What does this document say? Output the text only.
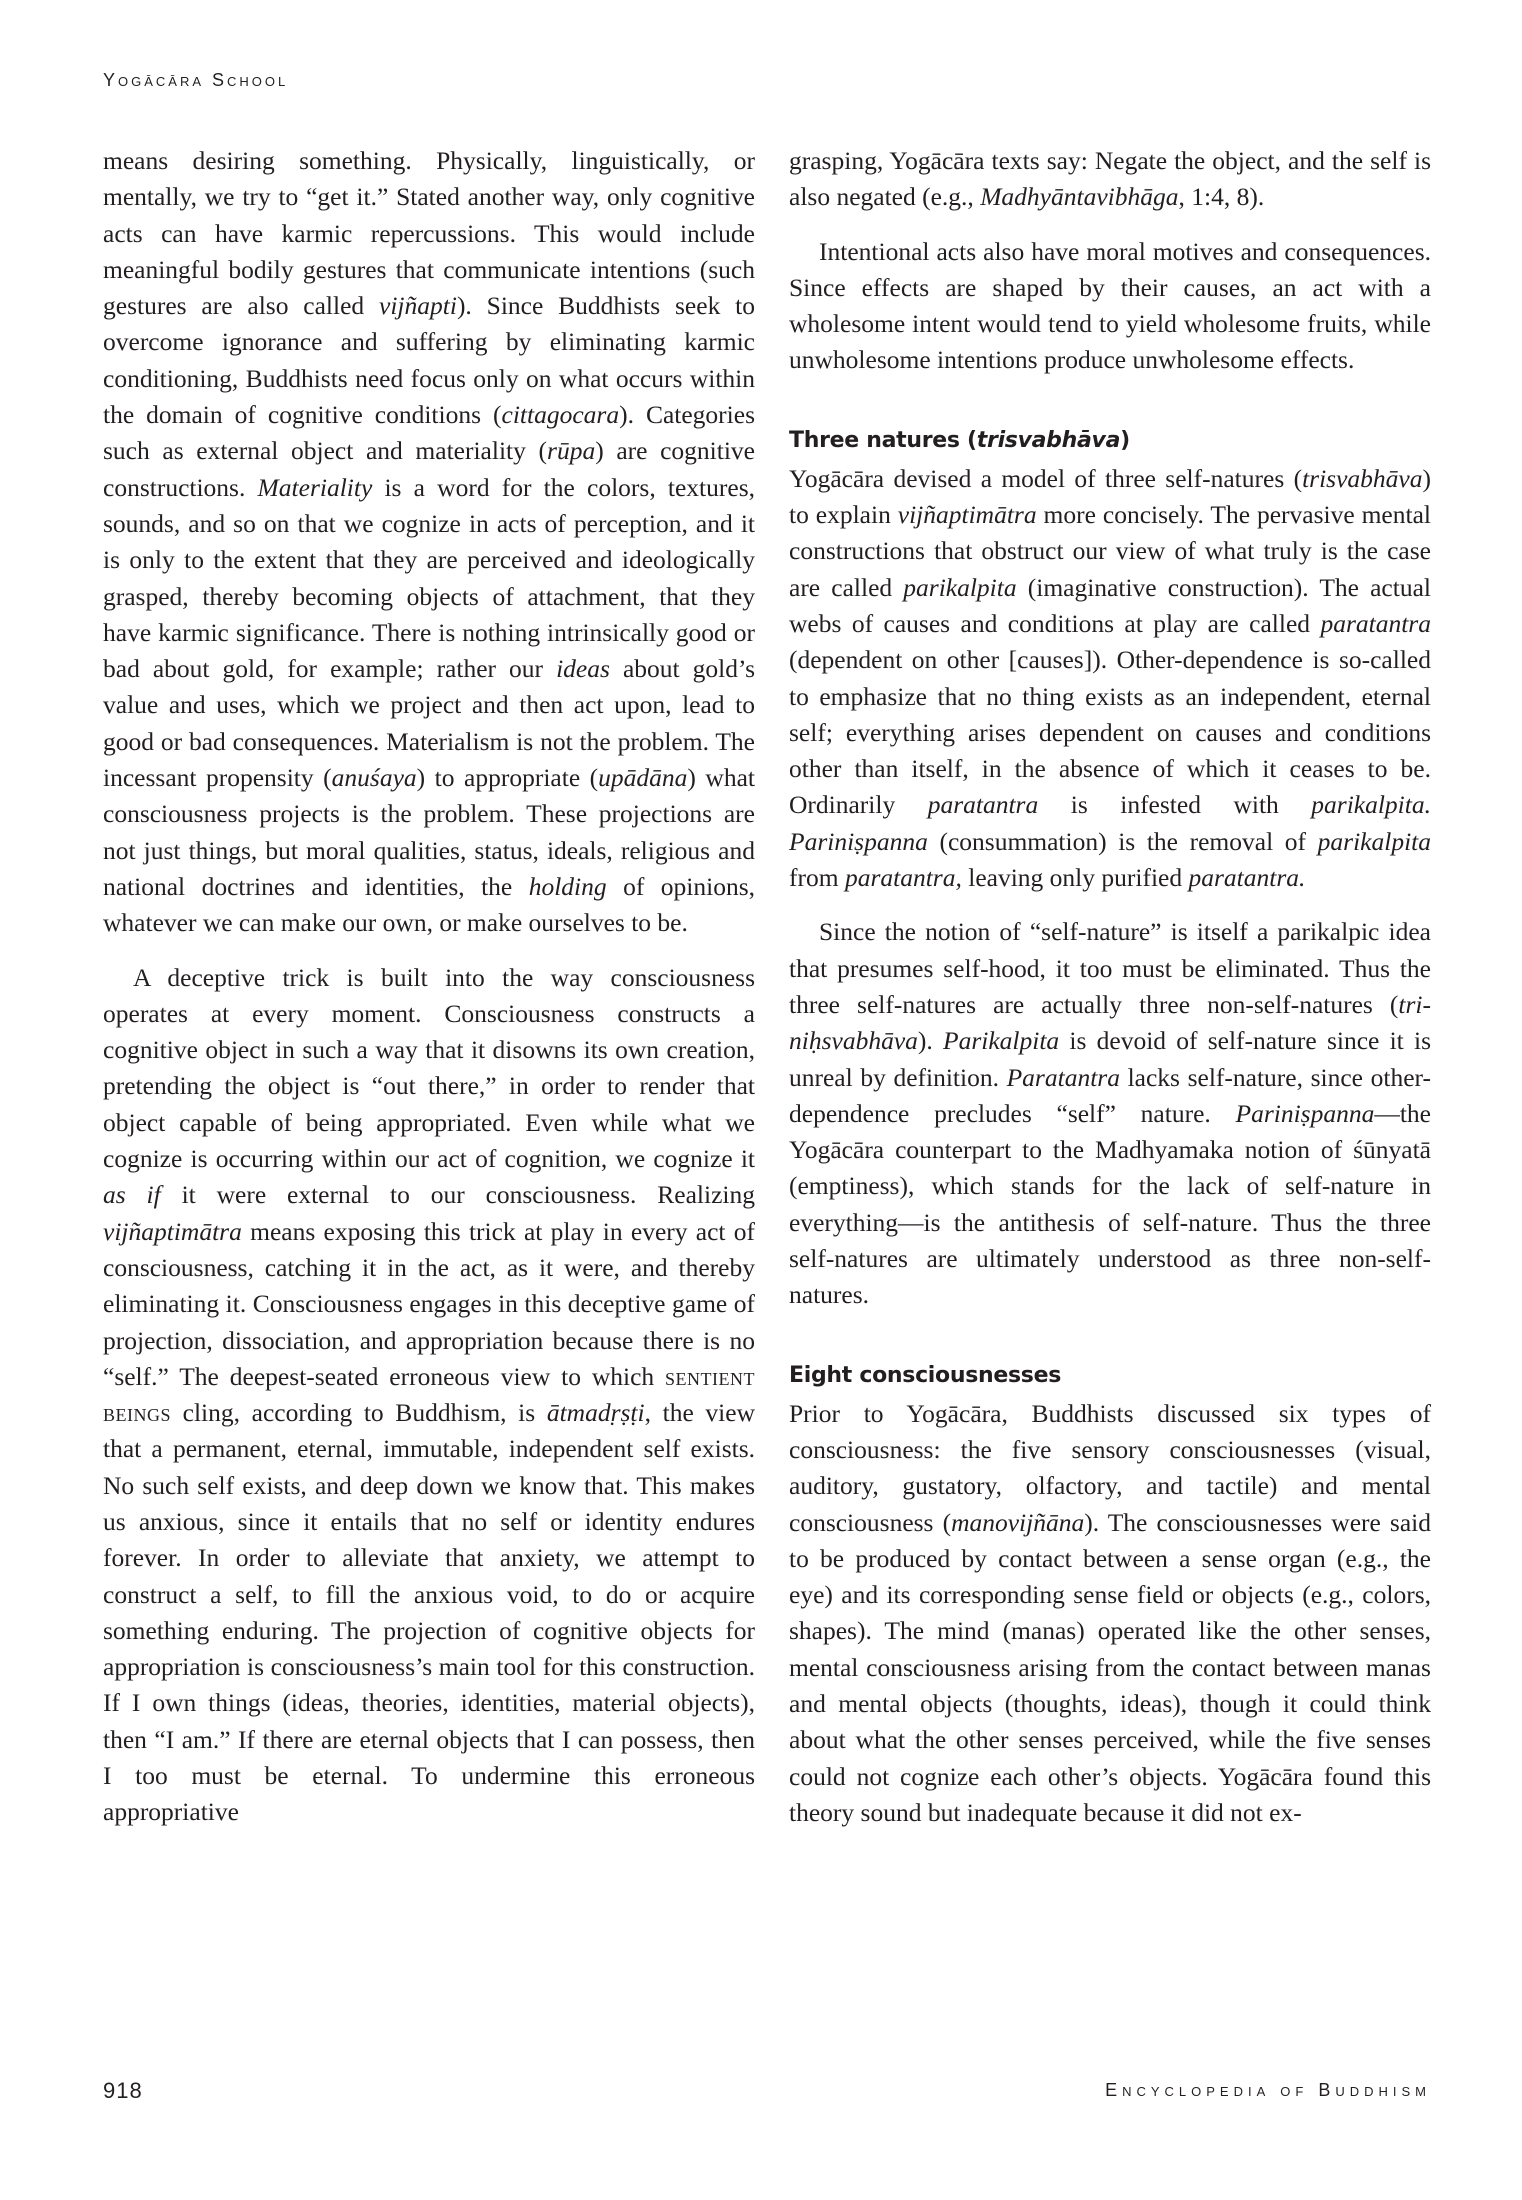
Yogācāra School

means desiring something. Physically, linguistically, or mentally, we try to “get it.” Stated another way, only cognitive acts can have karmic repercussions. This would include meaningful bodily gestures that communicate intentions (such gestures are also called vijñapti). Since Buddhists seek to overcome ignorance and suffering by eliminating karmic conditioning, Buddhists need focus only on what occurs within the domain of cognitive conditions (cittagocara). Categories such as external object and materiality (rūpa) are cognitive constructions. Materiality is a word for the colors, textures, sounds, and so on that we cognize in acts of perception, and it is only to the extent that they are perceived and ideologically grasped, thereby becoming objects of attachment, that they have karmic significance. There is nothing intrinsically good or bad about gold, for example; rather our ideas about gold’s value and uses, which we project and then act upon, lead to good or bad consequences. Materialism is not the problem. The incessant propensity (anuśaya) to appropriate (upādāna) what consciousness projects is the problem. These projections are not just things, but moral qualities, status, ideals, religious and national doctrines and identities, the holding of opinions, whatever we can make our own, or make ourselves to be.

A deceptive trick is built into the way consciousness operates at every moment. Consciousness constructs a cognitive object in such a way that it disowns its own creation, pretending the object is “out there,” in order to render that object capable of being appropriated. Even while what we cognize is occurring within our act of cognition, we cognize it as if it were external to our consciousness. Realizing vijñaptimātra means exposing this trick at play in every act of consciousness, catching it in the act, as it were, and thereby eliminating it. Consciousness engages in this deceptive game of projection, dissociation, and appropriation because there is no “self.” The deepest-seated erroneous view to which sentient beings cling, according to Buddhism, is ātmadṛṣṭi, the view that a permanent, eternal, immutable, independent self exists. No such self exists, and deep down we know that. This makes us anxious, since it entails that no self or identity endures forever. In order to alleviate that anxiety, we attempt to construct a self, to fill the anxious void, to do or acquire something enduring. The projection of cognitive objects for appropriation is consciousness’s main tool for this construction. If I own things (ideas, theories, identities, material objects), then “I am.” If there are eternal objects that I can possess, then I too must be eternal. To undermine this erroneous appropriative

grasping, Yogācāra texts say: Negate the object, and the self is also negated (e.g., Madhyāntavibhāga, 1:4, 8).

Intentional acts also have moral motives and consequences. Since effects are shaped by their causes, an act with a wholesome intent would tend to yield wholesome fruits, while unwholesome intentions produce unwholesome effects.

Three natures (trisvabhāva)

Yogācāra devised a model of three self-natures (trisvabhāva) to explain vijñaptimātra more concisely. The pervasive mental constructions that obstruct our view of what truly is the case are called parikalpita (imaginative construction). The actual webs of causes and conditions at play are called paratantra (dependent on other [causes]). Other-dependence is so-called to emphasize that no thing exists as an independent, eternal self; everything arises dependent on causes and conditions other than itself, in the absence of which it ceases to be. Ordinarily paratantra is infested with parikalpita. Pariniṣpanna (consummation) is the removal of parikalpita from paratantra, leaving only purified paratantra.

Since the notion of “self-nature” is itself a parikalpic idea that presumes self-hood, it too must be eliminated. Thus the three self-natures are actually three non-self-natures (tri-niḥsvabhāva). Parikalpita is devoid of self-nature since it is unreal by definition. Paratantra lacks self-nature, since other-dependence precludes “self” nature. Pariniṣpanna—the Yogācāra counterpart to the Madhyamaka notion of śūnyatā (emptiness), which stands for the lack of self-nature in everything—is the antithesis of self-nature. Thus the three self-natures are ultimately understood as three non-self-natures.

Eight consciousnesses

Prior to Yogācāra, Buddhists discussed six types of consciousness: the five sensory consciousnesses (visual, auditory, gustatory, olfactory, and tactile) and mental consciousness (manovijñāna). The consciousnesses were said to be produced by contact between a sense organ (e.g., the eye) and its corresponding sense field or objects (e.g., colors, shapes). The mind (manas) operated like the other senses, mental consciousness arising from the contact between manas and mental objects (thoughts, ideas), though it could think about what the other senses perceived, while the five senses could not cognize each other’s objects. Yogācāra found this theory sound but inadequate because it did not ex-

918	Encyclopedia of Buddhism
